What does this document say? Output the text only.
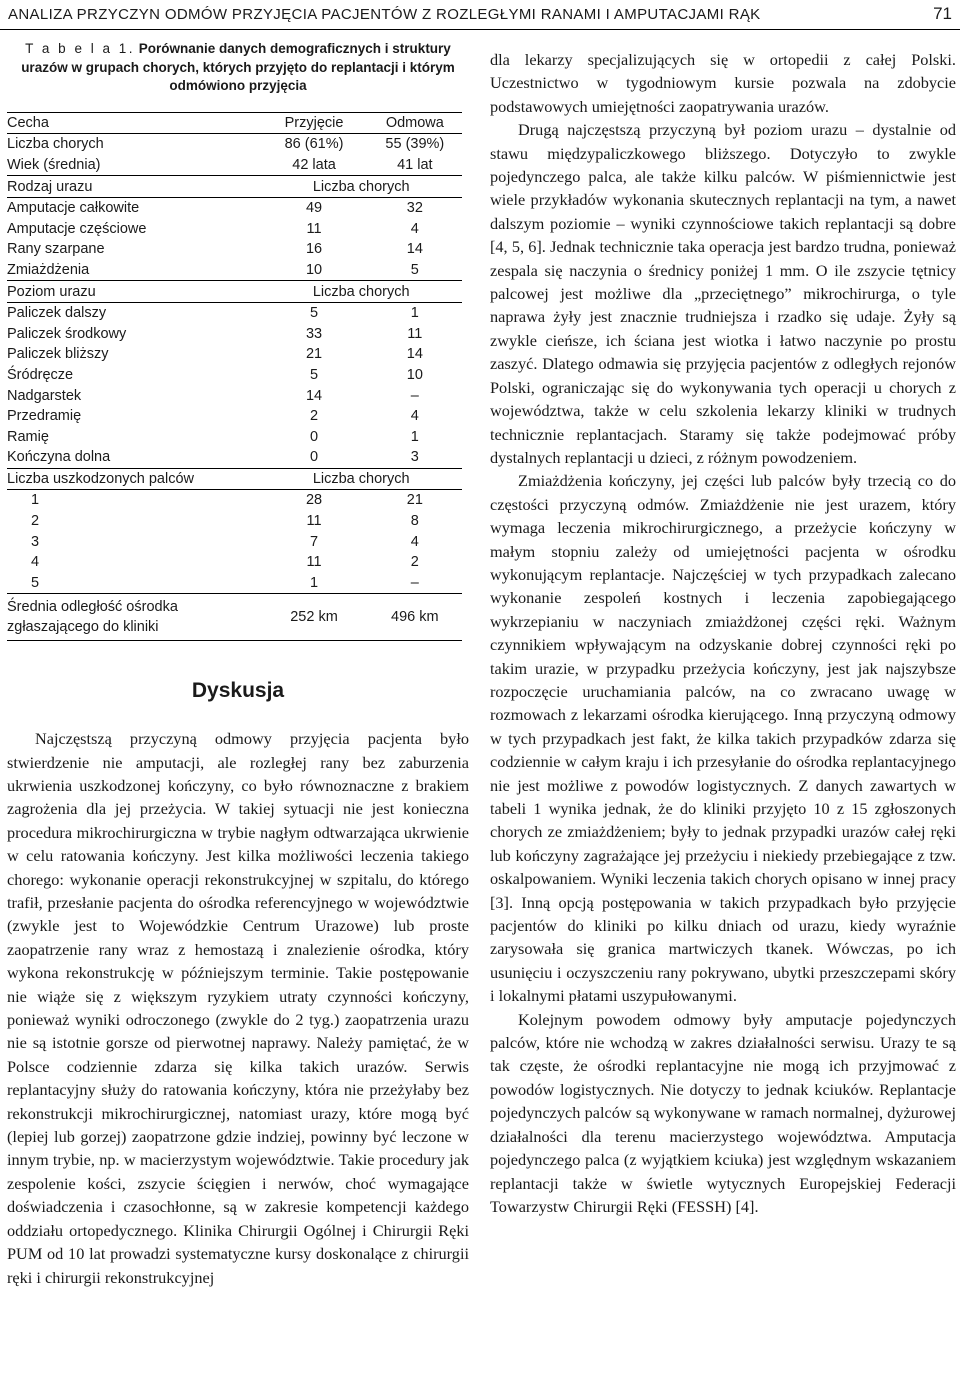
ANALIZA PRZYCZYN ODMÓW PRZYJĘCIA PACJENTÓW Z ROZLEGŁYMI RANAMI I AMPUTACJAMI RĄK	71
T a b e l a 1. Porównanie danych demograficznych i struktury urazów w grupach chorych, których przyjęto do replantacji i którym odmówiono przyjęcia
Cecha	Przyjęcie	Odmowa
Liczba chorych	86 (61%)	55 (39%)
Wiek (średnia)	42 lata	41 lat
Rodzaj urazu	Liczba chorych	
Amputacje całkowite	49	32
Amputacje częściowe	11	4
Rany szarpane	16	14
Zmiażdżenia	10	5
Poziom urazu	Liczba chorych	
Paliczek dalszy	5	1
Paliczek środkowy	33	11
Paliczek bliższy	21	14
Śródręcze	5	10
Nadgarstek	14	–
Przedramię	2	4
Ramię	0	1
Kończyna dolna	0	3
Liczba uszkodzonych palców	Liczba chorych	
1	28	21
2	11	8
3	7	4
4	11	2
5	1	–
Średnia odległość ośrodka zgłaszającego do kliniki	252 km	496 km
Dyskusja

Najczęstszą przyczyną odmowy przyjęcia pacjenta było stwierdzenie nie amputacji, ale rozległej rany bez zaburzenia ukrwienia uszkodzonej kończyny, co było równoznaczne z brakiem zagrożenia dla jej przeżycia. W takiej sytuacji nie jest konieczna procedura mikrochirurgiczna w trybie nagłym odtwarzająca ukrwienie w celu ratowania kończyny. Jest kilka możliwości leczenia takiego chorego: wykonanie operacji rekonstrukcyjnej w szpitalu, do którego trafił, przesłanie pacjenta do ośrodka referencyjnego w województwie (zwykle jest to Wojewódzkie Centrum Urazowe) lub proste zaopatrzenie rany wraz z hemostazą i znalezienie ośrodka, który wykona rekonstrukcję w późniejszym terminie. Takie postępowanie nie wiąże się z większym ryzykiem utraty czynności kończyny, ponieważ wyniki odroczonego (zwykle do 2 tyg.) zaopatrzenia urazu nie są istotnie gorsze od pierwotnej naprawy. Należy pamiętać, że w Polsce codziennie zdarza się kilka takich urazów. Serwis replantacyjny służy do ratowania kończyny, która nie przeżyłaby bez rekonstrukcji mikrochirurgicznej, natomiast urazy, które mogą być (lepiej lub gorzej) zaopatrzone gdzie indziej, powinny być leczone w innym trybie, np. w macierzystym województwie. Takie procedury jak zespolenie kości, zszycie ścięgien i nerwów, choć wymagające doświadczenia i czasochłonne, są w zakresie kompetencji każdego oddziału ortopedycznego. Klinika Chirurgii Ogólnej i Chirurgii Ręki PUM od 10 lat prowadzi systematyczne kursy doskonalące z chirurgii ręki i chirurgii rekonstrukcyjnej

dla lekarzy specjalizujących się w ortopedii z całej Polski. Uczestnictwo w tygodniowym kursie pozwala na zdobycie podstawowych umiejętności zaopatrywania urazów.

Drugą najczęstszą przyczyną był poziom urazu – dystalnie od stawu międzypaliczkowego bliższego. Dotyczyło to zwykle pojedynczego palca, ale także kilku palców. W piśmiennictwie jest wiele przykładów wykonania skutecznych replantacji na tym, a nawet dalszym poziomie – wyniki czynnościowe takich replantacji są dobre [4, 5, 6]. Jednak technicznie taka operacja jest bardzo trudna, ponieważ zespala się naczynia o średnicy poniżej 1 mm. O ile zszycie tętnicy palcowej jest możliwe dla „przeciętnego” mikrochirurga, o tyle naprawa żyły jest znacznie trudniejsza i rzadko się udaje. Żyły są zwykle cieńsze, ich ściana jest wiotka i łatwo naczynie po prostu zaszyć. Dlatego odmawia się przyjęcia pacjentów z odległych rejonów Polski, ograniczając się do wykonywania tych operacji u chorych z województwa, także w celu szkolenia lekarzy kliniki w trudnych technicznie replantacjach. Staramy się także podejmować próby dystalnych replantacji u dzieci, z różnym powodzeniem.

Zmiażdżenia kończyny, jej części lub palców były trzecią co do częstości przyczyną odmów. Zmiażdżenie nie jest urazem, który wymaga leczenia mikrochirurgicznego, a przeżycie kończyny w małym stopniu zależy od umiejętności pacjenta w ośrodku wykonującym replantacje. Najczęściej w tych przypadkach zalecano wykonanie zespoleń kostnych i leczenia zapobiegającego wykrzepianiu w naczyniach zmiażdżonej części ręki. Ważnym czynnikiem wpływającym na odzyskanie dobrej czynności ręki po takim urazie, w przypadku przeżycia kończyny, jest jak najszybsze rozpoczęcie uruchamiania palców, na co zwracano uwagę w rozmowach z lekarzami ośrodka kierującego. Inną przyczyną odmowy w tych przypadkach jest fakt, że kilka takich przypadków zdarza się codziennie w całym kraju i ich przesyłanie do ośrodka replantacyjnego nie jest możliwe z powodów logistycznych. Z danych zawartych w tabeli 1 wynika jednak, że do kliniki przyjęto 10 z 15 zgłoszonych chorych ze zmiażdżeniem; były to jednak przypadki urazów całej ręki lub kończyny zagrażające jej przeżyciu i niekiedy przebiegające z tzw. oskalpowaniem. Wyniki leczenia takich chorych opisano w innej pracy [3]. Inną opcją postępowania w takich przypadkach było przyjęcie pacjentów do kliniki po kilku dniach od urazu, kiedy wyraźnie zarysowała się granica martwiczych tkanek. Wówczas, po ich usunięciu i oczyszczeniu rany pokrywano, ubytki przeszczepami skóry i lokalnymi płatami uszypułowanymi.

Kolejnym powodem odmowy były amputacje pojedynczych palców, które nie wchodzą w zakres działalności serwisu. Urazy te są tak częste, że ośrodki replantacyjne nie mogą ich przyjmować z powodów logistycznych. Nie dotyczy to jednak kciuków. Replantacje pojedynczych palców są wykonywane w ramach normalnej, dyżurowej działalności dla terenu macierzystego województwa. Amputacja pojedynczego palca (z wyjątkiem kciuka) jest względnym wskazaniem replantacji także w świetle wytycznych Europejskiej Federacji Towarzystw Chirurgii Ręki (FESSH) [4].
